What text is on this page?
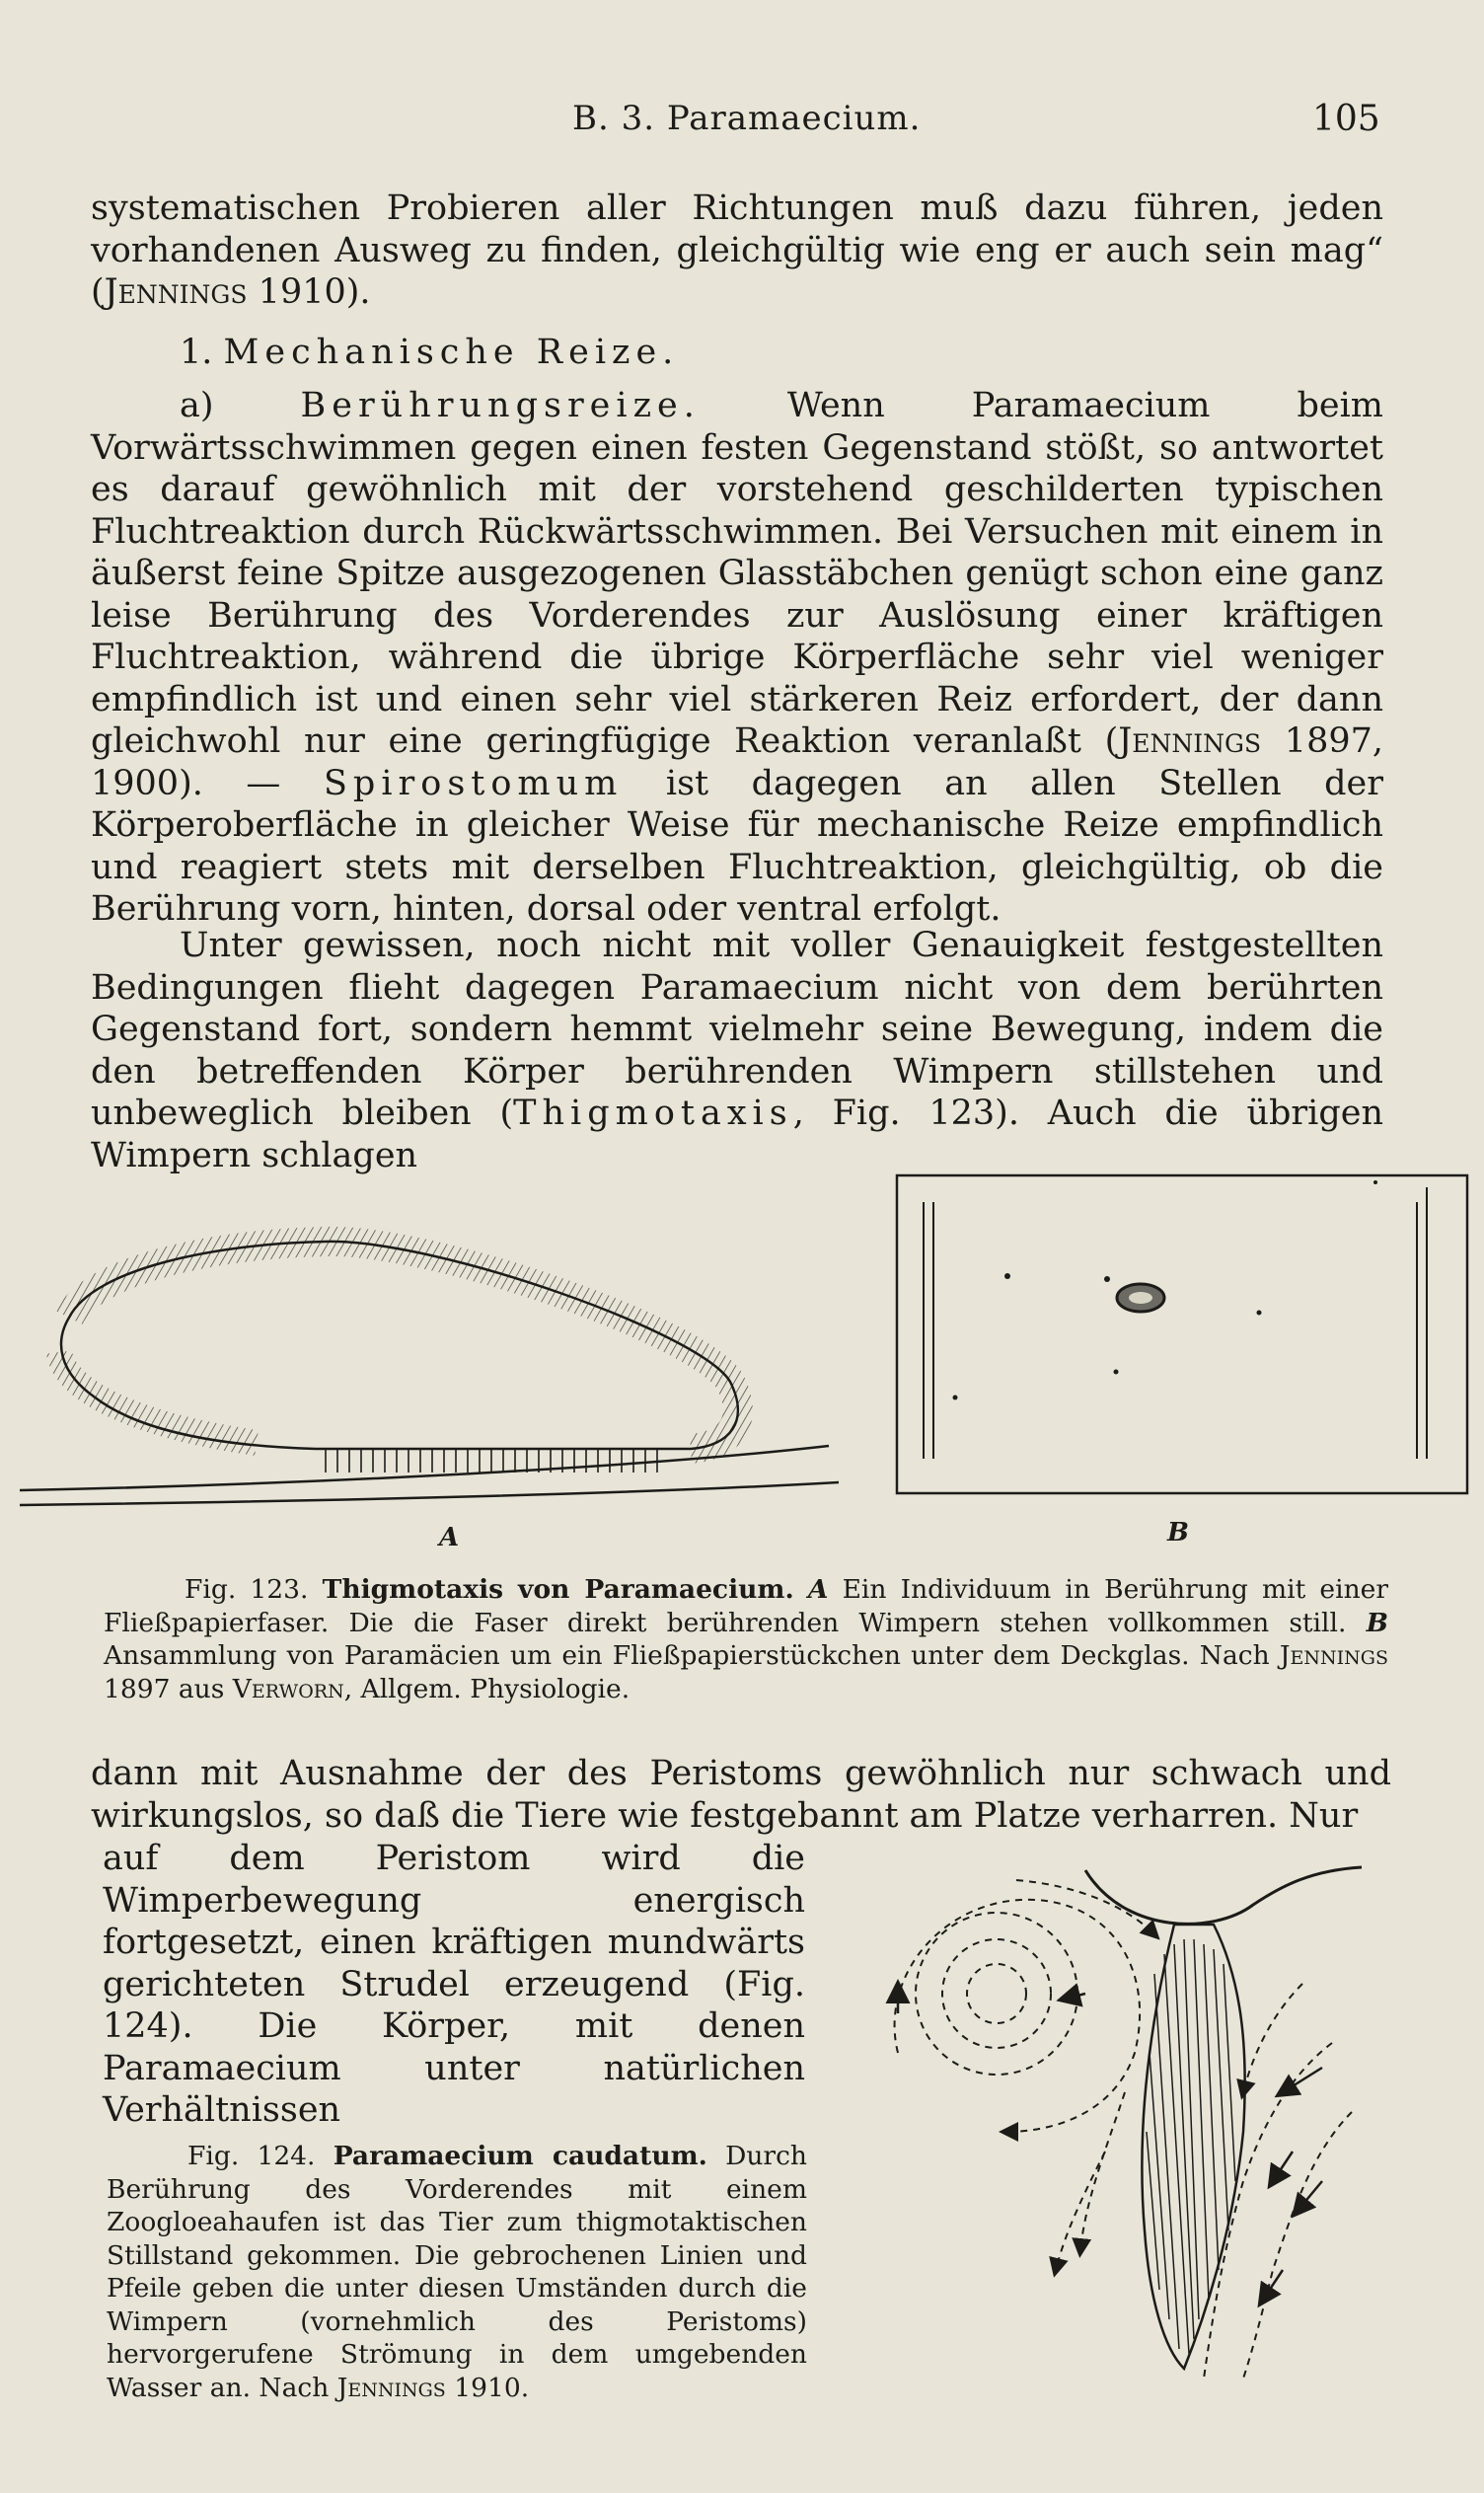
B. 3. Paramaecium.	105
systematischen Probieren aller Richtungen muß dazu führen, jeden vorhandenen Ausweg zu finden, gleichgültig wie eng er auch sein mag“ (Jennings 1910).
1. Mechanische Reize.
a) Berührungsreize. Wenn Paramaecium beim Vorwärtsschwimmen gegen einen festen Gegenstand stößt, so antwortet es darauf gewöhnlich mit der vorstehend geschilderten typischen Fluchtreaktion durch Rückwärtsschwimmen. Bei Versuchen mit einem in äußerst feine Spitze ausgezogenen Glasstäbchen genügt schon eine ganz leise Berührung des Vorderendes zur Auslösung einer kräftigen Fluchtreaktion, während die übrige Körperfläche sehr viel weniger empfindlich ist und einen sehr viel stärkeren Reiz erfordert, der dann gleichwohl nur eine geringfügige Reaktion veranlaßt (Jennings 1897, 1900). — Spirostomum ist dagegen an allen Stellen der Körperoberfläche in gleicher Weise für mechanische Reize empfindlich und reagiert stets mit derselben Fluchtreaktion, gleichgültig, ob die Berührung vorn, hinten, dorsal oder ventral erfolgt.
Unter gewissen, noch nicht mit voller Genauigkeit festgestellten Bedingungen flieht dagegen Paramaecium nicht von dem berührten Gegenstand fort, sondern hemmt vielmehr seine Bewegung, indem die den betreffenden Körper berührenden Wimpern stillstehen und unbeweglich bleiben (Thigmotaxis, Fig. 123). Auch die übrigen Wimpern schlagen
A	B
Fig. 123. Thigmotaxis von Paramaecium. A Ein Individuum in Berührung mit einer Fließpapierfaser. Die die Faser direkt berührenden Wimpern stehen vollkommen still. B Ansammlung von Paramäcien um ein Fließpapierstückchen unter dem Deckglas. Nach Jennings 1897 aus Verworn, Allgem. Physiologie.
dann mit Ausnahme der des Peristoms gewöhnlich nur schwach und wirkungslos, so daß die Tiere wie festgebannt am Platze verharren. Nur
auf dem Peristom wird die Wimperbewegung energisch fortgesetzt, einen kräftigen mundwärts gerichteten Strudel erzeugend (Fig. 124). Die Körper, mit denen Paramaecium unter natürlichen Verhältnissen
Fig. 124. Paramaecium caudatum. Durch Berührung des Vorderendes mit einem Zoogloeahaufen ist das Tier zum thigmotaktischen Stillstand gekommen. Die gebrochenen Linien und Pfeile geben die unter diesen Umständen durch die Wimpern (vornehmlich des Peristoms) hervorgerufene Strömung in dem umgebenden Wasser an. Nach Jennings 1910.
